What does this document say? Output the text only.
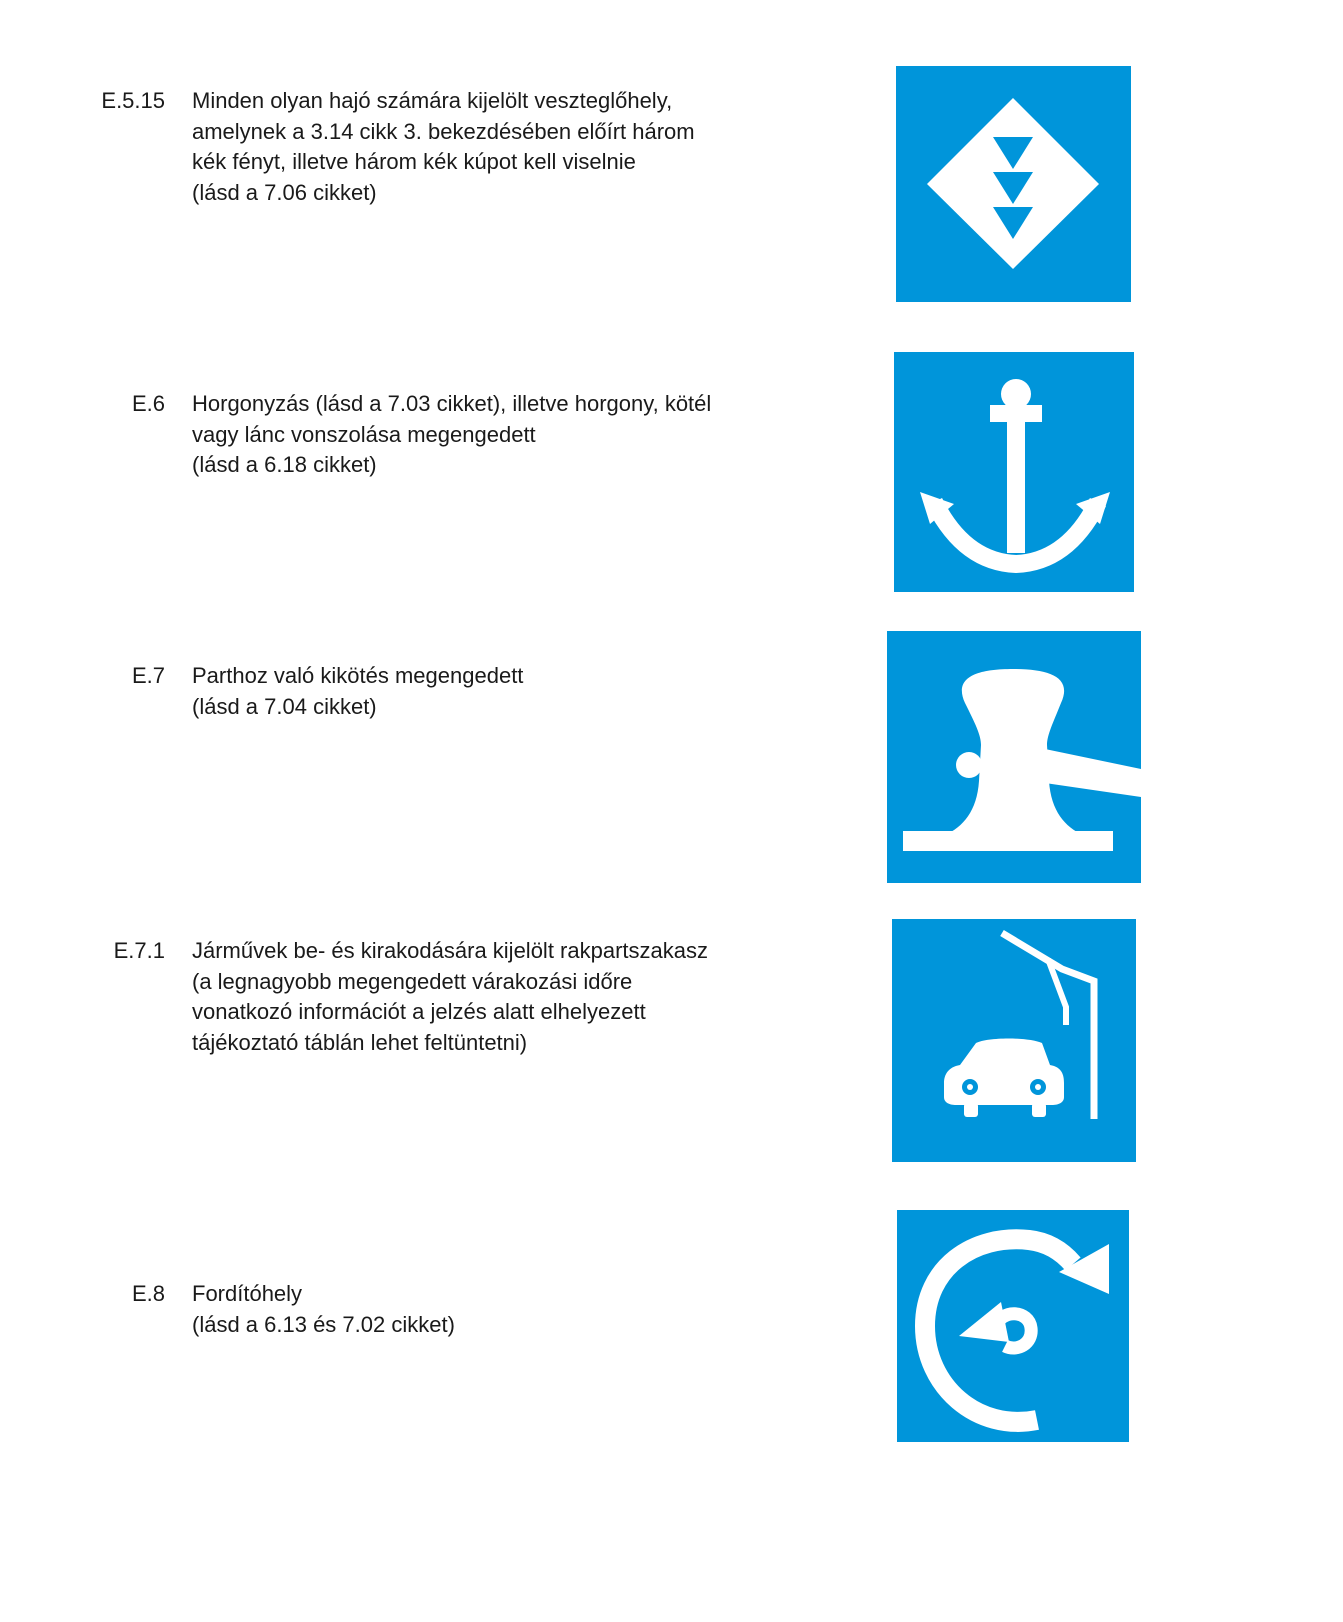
E.5.15 Minden olyan hajó számára kijelölt veszteglőhely,
amelynek a 3.14 cikk 3. bekezdésében előírt három
kék fényt, illetve három kék kúpot kell viselnie
(lásd a 7.06 cikket)
E.6 Horgonyzás (lásd a 7.03 cikket), illetve horgony, kötél
vagy lánc vonszolása megengedett
(lásd a 6.18 cikket)
E.7 Parthoz való kikötés megengedett
(lásd a 7.04 cikket)
E.7.1 Járművek be- és kirakodására kijelölt rakpartszakasz
(a legnagyobb megengedett várakozási időre
vonatkozó információt a jelzés alatt elhelyezett
tájékoztató táblán lehet feltüntetni)
E.8 Fordítóhely
(lásd a 6.13 és 7.02 cikket)
